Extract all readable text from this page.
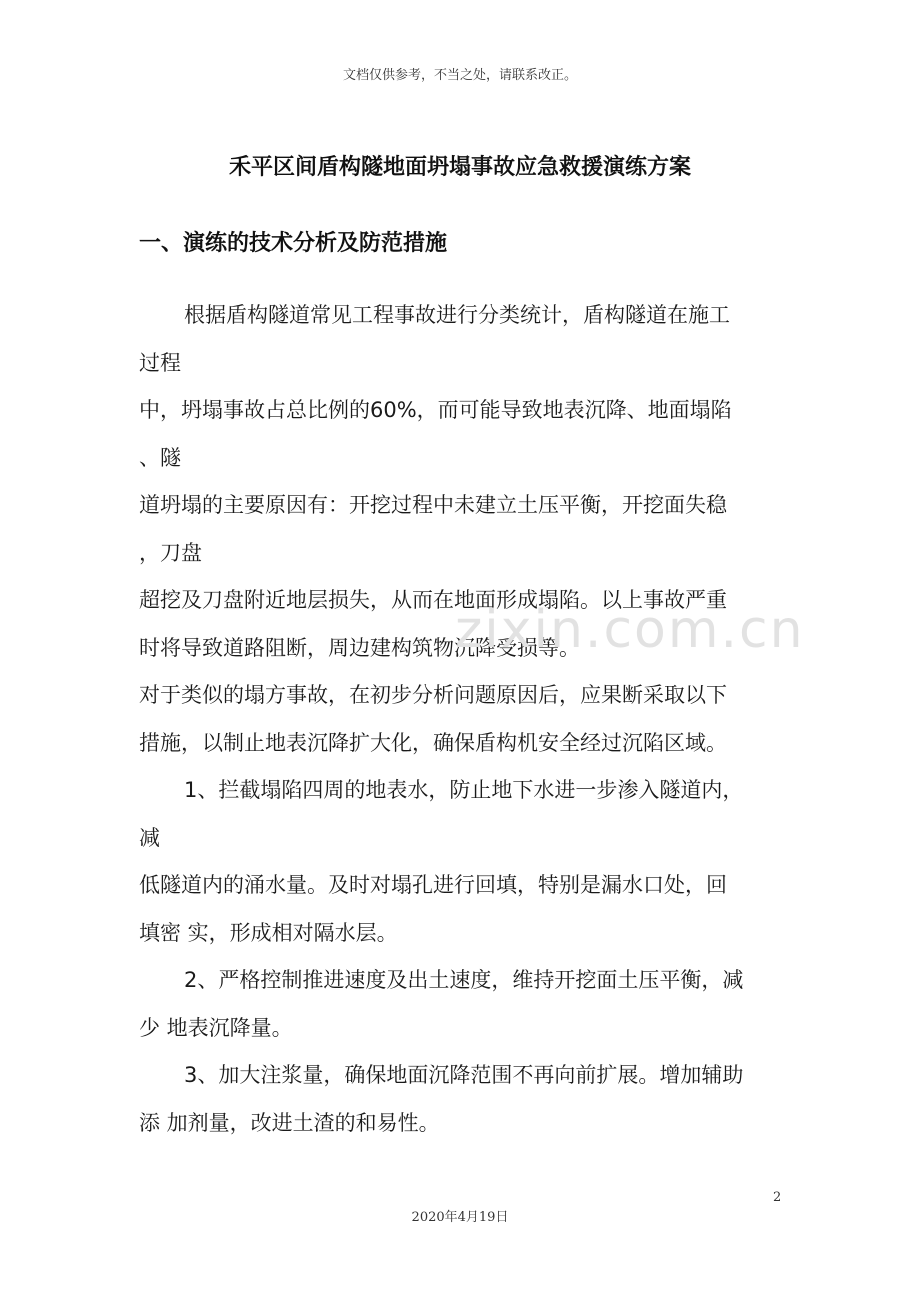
文档仅供参考，不当之处，请联系改正。
禾平区间盾构隧地面坍塌事故应急救援演练方案
一、演练的技术分析及防范措施
根据盾构隧道常见工程事故进行分类统计，盾构隧道在施工
过程
中，坍塌事故占总比例的60%，而可能导致地表沉降、地面塌陷
、隧
道坍塌的主要原因有：开挖过程中未建立土压平衡，开挖面失稳
，刀盘
超挖及刀盘附近地层损失，从而在地面形成塌陷。以上事故严重
时将导致道路阻断，周边建构筑物沉降受损等。
对于类似的塌方事故，在初步分析问题原因后，应果断采取以下
措施，以制止地表沉降扩大化，确保盾构机安全经过沉陷区域。
1、拦截塌陷四周的地表水，防止地下水进一步渗入隧道内，
减
低隧道内的涌水量。及时对塌孔进行回填，特别是漏水口处，回
填密 实，形成相对隔水层。
2、严格控制推进速度及出土速度，维持开挖面土压平衡，减
少 地表沉降量。
3、加大注浆量，确保地面沉降范围不再向前扩展。增加辅助
添 加剂量，改进土渣的和易性。
zixin.com.cn
2
2020年4月19日
